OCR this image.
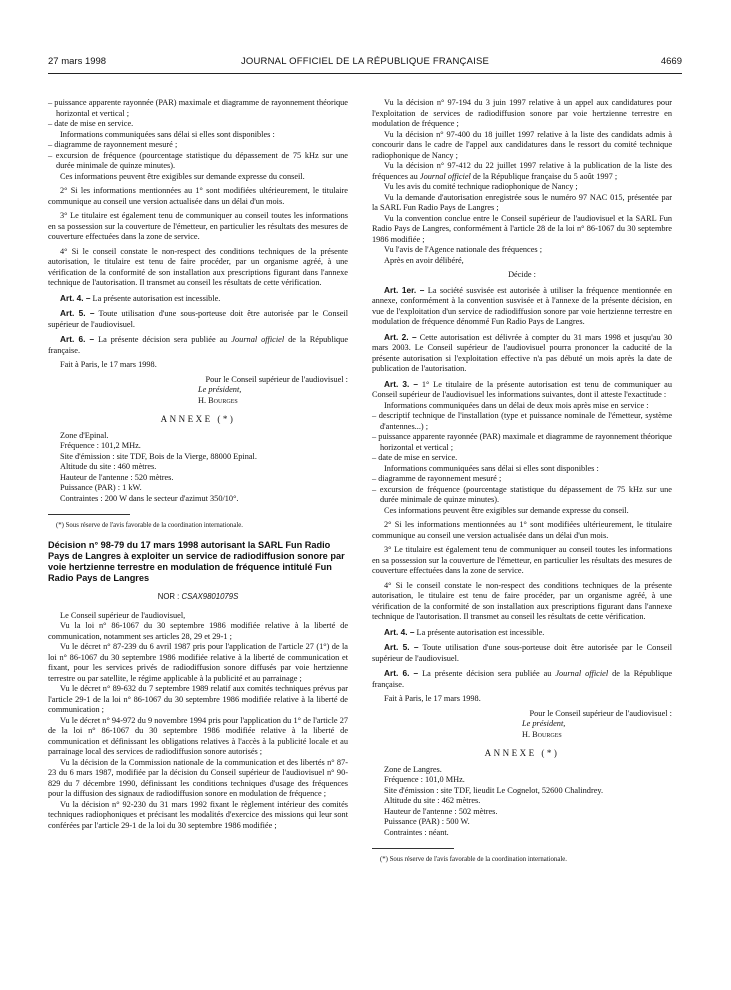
27 mars 1998	JOURNAL OFFICIEL DE LA RÉPUBLIQUE FRANÇAISE	4669

– puissance apparente rayonnée (PAR) maximale et diagramme de rayonnement théorique horizontal et vertical ;

– date de mise en service.

Informations communiquées sans délai si elles sont disponibles :

– diagramme de rayonnement mesuré ;

– excursion de fréquence (pourcentage statistique du dépassement de 75 kHz sur une durée minimale de quinze minutes).

Ces informations peuvent être exigibles sur demande expresse du conseil.

2° Si les informations mentionnées au 1° sont modifiées ultérieurement, le titulaire communique au conseil une version actualisée dans un délai d'un mois.

3° Le titulaire est également tenu de communiquer au conseil toutes les informations en sa possession sur la couverture de l'émetteur, en particulier les résultats des mesures de couverture effectuées dans la zone de service.

4° Si le conseil constate le non-respect des conditions techniques de la présente autorisation, le titulaire est tenu de faire procéder, par un organisme agréé, à une vérification de la conformité de son installation aux prescriptions figurant dans l'annexe technique de l'autorisation. Il transmet au conseil les résultats de cette vérification.

Art. 4. – La présente autorisation est incessible.

Art. 5. – Toute utilisation d'une sous-porteuse doit être autorisée par le Conseil supérieur de l'audiovisuel.

Art. 6. – La présente décision sera publiée au Journal officiel de la République française.

Fait à Paris, le 17 mars 1998.

Pour le Conseil supérieur de l'audiovisuel :

Le président,

H. Bourges

ANNEXE (*)

Zone d'Epinal.

Fréquence : 101,2 MHz.

Site d'émission : site TDF, Bois de la Vierge, 88000 Epinal.

Altitude du site : 460 mètres.

Hauteur de l'antenne : 520 mètres.

Puissance (PAR) : 1 kW.

Contraintes : 200 W dans le secteur d'azimut 350/10°.

(*) Sous réserve de l'avis favorable de la coordination internationale.

Décision n° 98-79 du 17 mars 1998 autorisant la SARL Fun Radio Pays de Langres à exploiter un service de radiodiffusion sonore par voie hertzienne terrestre en modulation de fréquence intitulé Fun Radio Pays de Langres

NOR : CSAX9801079S

Le Conseil supérieur de l'audiovisuel,

Vu la loi n° 86-1067 du 30 septembre 1986 modifiée relative à la liberté de communication, notamment ses articles 28, 29 et 29-1 ;

Vu le décret n° 87-239 du 6 avril 1987 pris pour l'application de l'article 27 (1°) de la loi n° 86-1067 du 30 septembre 1986 modifiée relative à la liberté de communication et fixant, pour les services privés de radiodiffusion sonore diffusés par voie hertzienne terrestre ou par satellite, le régime applicable à la publicité et au parrainage ;

Vu le décret n° 89-632 du 7 septembre 1989 relatif aux comités techniques prévus par l'article 29-1 de la loi n° 86-1067 du 30 septembre 1986 modifiée relative à la liberté de communication ;

Vu le décret n° 94-972 du 9 novembre 1994 pris pour l'application du 1° de l'article 27 de la loi n° 86-1067 du 30 septembre 1986 modifiée relative à la liberté de communication et définissant les obligations relatives à l'accès à la publicité locale et au parrainage local des services de radiodiffusion sonore autorisés ;

Vu la décision de la Commission nationale de la communication et des libertés n° 87-23 du 6 mars 1987, modifiée par la décision du Conseil supérieur de l'audiovisuel n° 90-829 du 7 décembre 1990, définissant les conditions techniques d'usage des fréquences pour la diffusion des signaux de radiodiffusion sonore en modulation de fréquence ;

Vu la décision n° 92-230 du 31 mars 1992 fixant le règlement intérieur des comités techniques radiophoniques et précisant les modalités d'exercice des missions qui leur sont conférées par l'article 29-1 de la loi du 30 septembre 1986 modifiée ;

Vu la décision n° 97-194 du 3 juin 1997 relative à un appel aux candidatures pour l'exploitation de services de radiodiffusion sonore par voie hertzienne terrestre en modulation de fréquence ;

Vu la décision n° 97-400 du 18 juillet 1997 relative à la liste des candidats admis à concourir dans le cadre de l'appel aux candidatures dans le ressort du comité technique radiophonique de Nancy ;

Vu la décision n° 97-412 du 22 juillet 1997 relative à la publication de la liste des fréquences au Journal officiel de la République française du 5 août 1997 ;

Vu les avis du comité technique radiophonique de Nancy ;

Vu la demande d'autorisation enregistrée sous le numéro 97 NAC 015, présentée par la SARL Fun Radio Pays de Langres ;

Vu la convention conclue entre le Conseil supérieur de l'audiovisuel et la SARL Fun Radio Pays de Langres, conformément à l'article 28 de la loi n° 86-1067 du 30 septembre 1986 modifiée ;

Vu l'avis de l'Agence nationale des fréquences ;

Après en avoir délibéré,

Décide :

Art. 1er. – La société susvisée est autorisée à utiliser la fréquence mentionnée en annexe, conformément à la convention susvisée et à l'annexe de la présente décision, en vue de l'exploitation d'un service de radiodiffusion sonore par voie hertzienne terrestre en modulation de fréquence dénommé Fun Radio Pays de Langres.

Art. 2. – Cette autorisation est délivrée à compter du 31 mars 1998 et jusqu'au 30 mars 2003. Le Conseil supérieur de l'audiovisuel pourra prononcer la caducité de la présente autorisation si l'exploitation effective n'a pas débuté un mois après la date de publication de l'autorisation.

Art. 3. – 1° Le titulaire de la présente autorisation est tenu de communiquer au Conseil supérieur de l'audiovisuel les informations suivantes, dont il atteste l'exactitude :

Informations communiquées dans un délai de deux mois après mise en service :

– descriptif technique de l'installation (type et puissance nominale de l'émetteur, système d'antennes...) ;

– puissance apparente rayonnée (PAR) maximale et diagramme de rayonnement théorique horizontal et vertical ;

– date de mise en service.

Informations communiquées sans délai si elles sont disponibles :

– diagramme de rayonnement mesuré ;

– excursion de fréquence (pourcentage statistique du dépassement de 75 kHz sur une durée minimale de quinze minutes).

Ces informations peuvent être exigibles sur demande expresse du conseil.

2° Si les informations mentionnées au 1° sont modifiées ultérieurement, le titulaire communique au conseil une version actualisée dans un délai d'un mois.

3° Le titulaire est également tenu de communiquer au conseil toutes les informations en sa possession sur la couverture de l'émetteur, en particulier les résultats des mesures de couverture effectuées dans la zone de service.

4° Si le conseil constate le non-respect des conditions techniques de la présente autorisation, le titulaire est tenu de faire procéder, par un organisme agréé, à une vérification de la conformité de son installation aux prescriptions figurant dans l'annexe technique de l'autorisation. Il transmet au conseil les résultats de cette vérification.

Art. 4. – La présente autorisation est incessible.

Art. 5. – Toute utilisation d'une sous-porteuse doit être autorisée par le Conseil supérieur de l'audiovisuel.

Art. 6. – La présente décision sera publiée au Journal officiel de la République française.

Fait à Paris, le 17 mars 1998.

Pour le Conseil supérieur de l'audiovisuel :

Le président,

H. Bourges

ANNEXE (*)

Zone de Langres.

Fréquence : 101,0 MHz.

Site d'émission : site TDF, lieudit Le Cognelot, 52600 Chalindrey.

Altitude du site : 462 mètres.

Hauteur de l'antenne : 502 mètres.

Puissance (PAR) : 500 W.

Contraintes : néant.

(*) Sous réserve de l'avis favorable de la coordination internationale.
